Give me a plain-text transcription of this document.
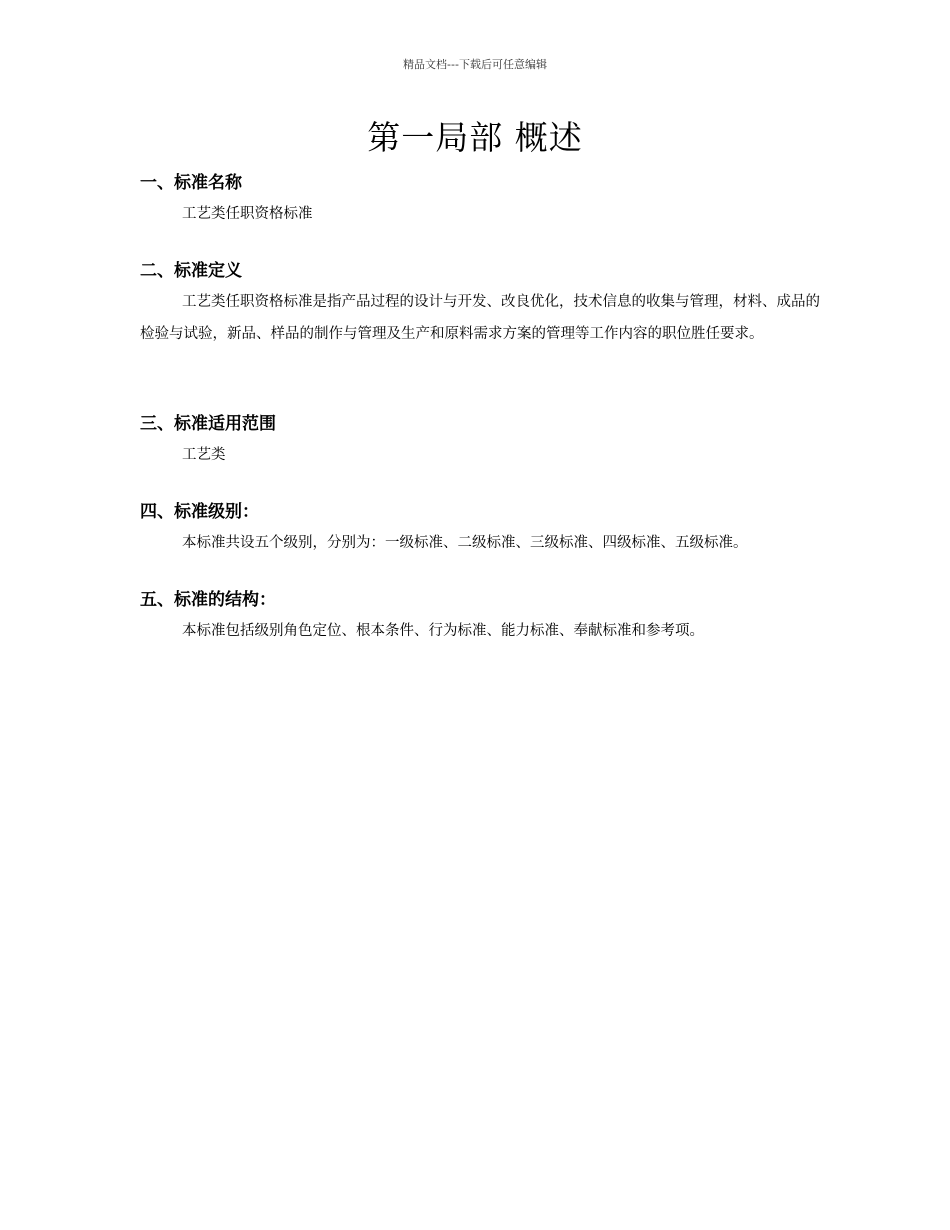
精品文档---下载后可任意编辑
第一局部 概述
一、标准名称
工艺类任职资格标准
二、标准定义
工艺类任职资格标准是指产品过程的设计与开发、改良优化，技术信息的收集与管理，材料、成品的检验与试验，新品、样品的制作与管理及生产和原料需求方案的管理等工作内容的职位胜任要求。
三、标准适用范围
工艺类
四、标准级别：
本标准共设五个级别，分别为：一级标准、二级标准、三级标准、四级标准、五级标准。
五、标准的结构：
本标准包括级别角色定位、根本条件、行为标准、能力标准、奉献标准和参考项。
